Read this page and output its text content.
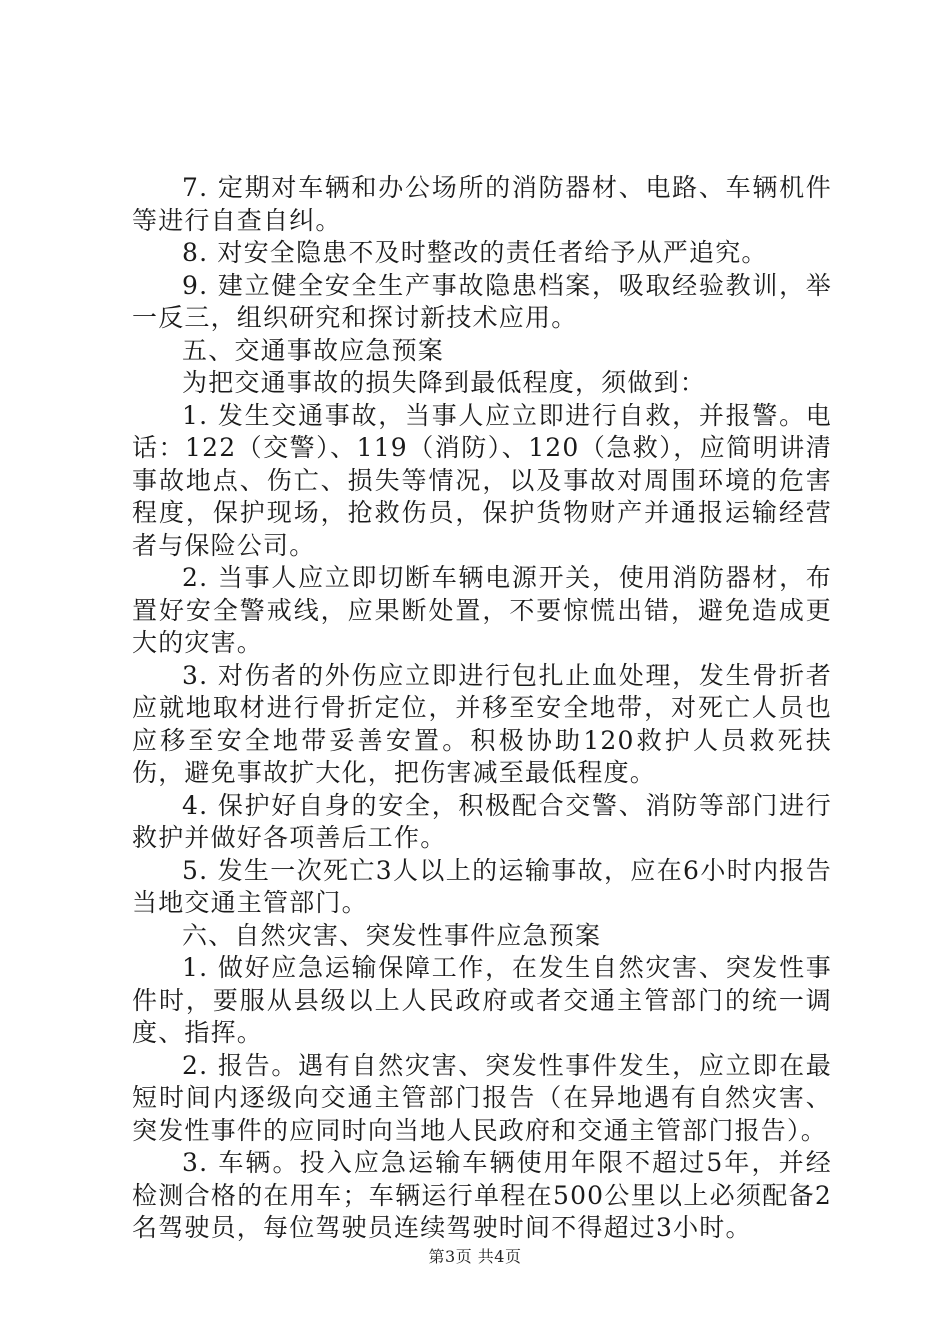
7. 定期对车辆和办公场所的消防器材、电路、车辆机件等进行自查自纠。

8. 对安全隐患不及时整改的责任者给予从严追究。

9. 建立健全安全生产事故隐患档案，吸取经验教训，举一反三，组织研究和探讨新技术应用。

五、交通事故应急预案

为把交通事故的损失降到最低程度，须做到：

1. 发生交通事故，当事人应立即进行自救，并报警。电话：122（交警）、119（消防）、120（急救），应简明讲清事故地点、伤亡、损失等情况，以及事故对周围环境的危害程度，保护现场，抢救伤员，保护货物财产并通报运输经营者与保险公司。

2. 当事人应立即切断车辆电源开关，使用消防器材，布置好安全警戒线，应果断处置，不要惊慌出错，避免造成更大的灾害。

3. 对伤者的外伤应立即进行包扎止血处理，发生骨折者应就地取材进行骨折定位，并移至安全地带，对死亡人员也应移至安全地带妥善安置。积极协助120救护人员救死扶伤，避免事故扩大化，把伤害减至最低程度。

4. 保护好自身的安全，积极配合交警、消防等部门进行救护并做好各项善后工作。

5. 发生一次死亡3人以上的运输事故，应在6小时内报告当地交通主管部门。

六、自然灾害、突发性事件应急预案

1. 做好应急运输保障工作，在发生自然灾害、突发性事件时，要服从县级以上人民政府或者交通主管部门的统一调度、指挥。

2. 报告。遇有自然灾害、突发性事件发生，应立即在最短时间内逐级向交通主管部门报告（在异地遇有自然灾害、突发性事件的应同时向当地人民政府和交通主管部门报告）。

3. 车辆。投入应急运输车辆使用年限不超过5年，并经检测合格的在用车；车辆运行单程在500公里以上必须配备2名驾驶员，每位驾驶员连续驾驶时间不得超过3小时。

第3页 共4页
